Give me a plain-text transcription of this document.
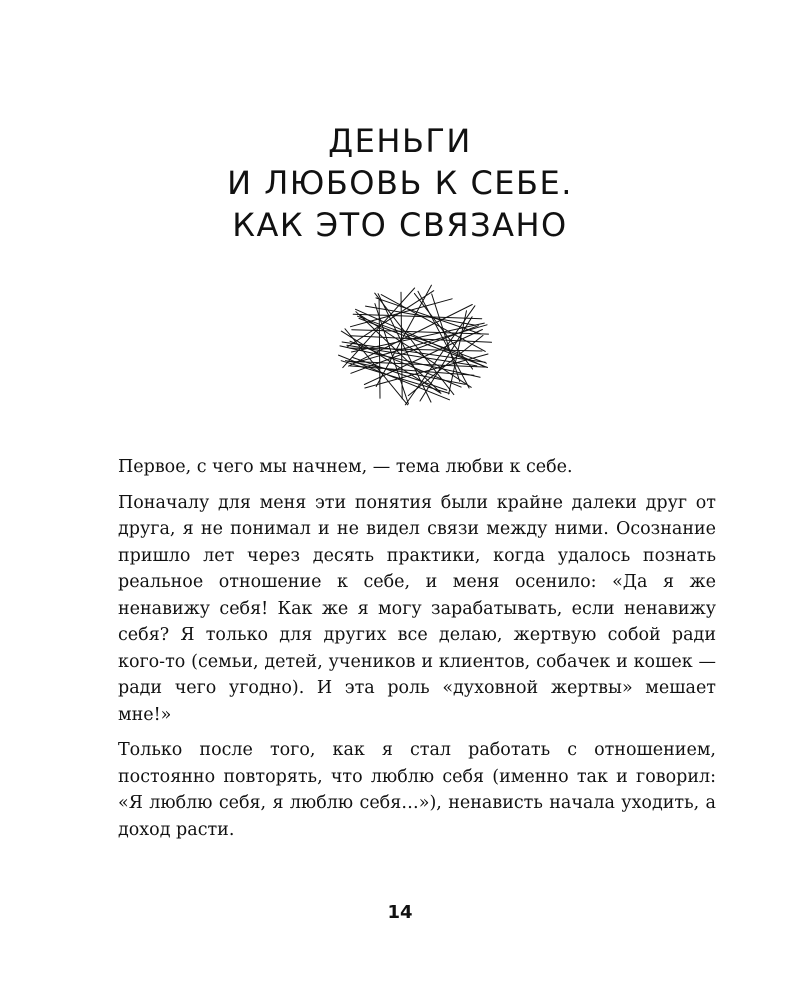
ДЕНЬГИ
И ЛЮБОВЬ К СЕБЕ.
КАК ЭТО СВЯЗАНО

Первое, с чего мы начнем, — тема любви к себе.

Поначалу для меня эти понятия были крайне далеки друг от друга, я не понимал и не видел связи между ними. Осознание пришло лет через десять практики, когда удалось познать реальное отношение к себе, и меня осенило: «Да я же ненавижу себя! Как же я могу зарабатывать, если ненавижу себя? Я только для других все делаю, жертвую собой ради кого-то (семьи, детей, учеников и клиентов, собачек и кошек — ради чего угодно). И эта роль «духовной жертвы» мешает мне!»

Только после того, как я стал работать с отношением, постоянно повторять, что люблю себя (именно так и говорил: «Я люблю себя, я люблю себя…»), ненависть начала уходить, а доход расти.

14
